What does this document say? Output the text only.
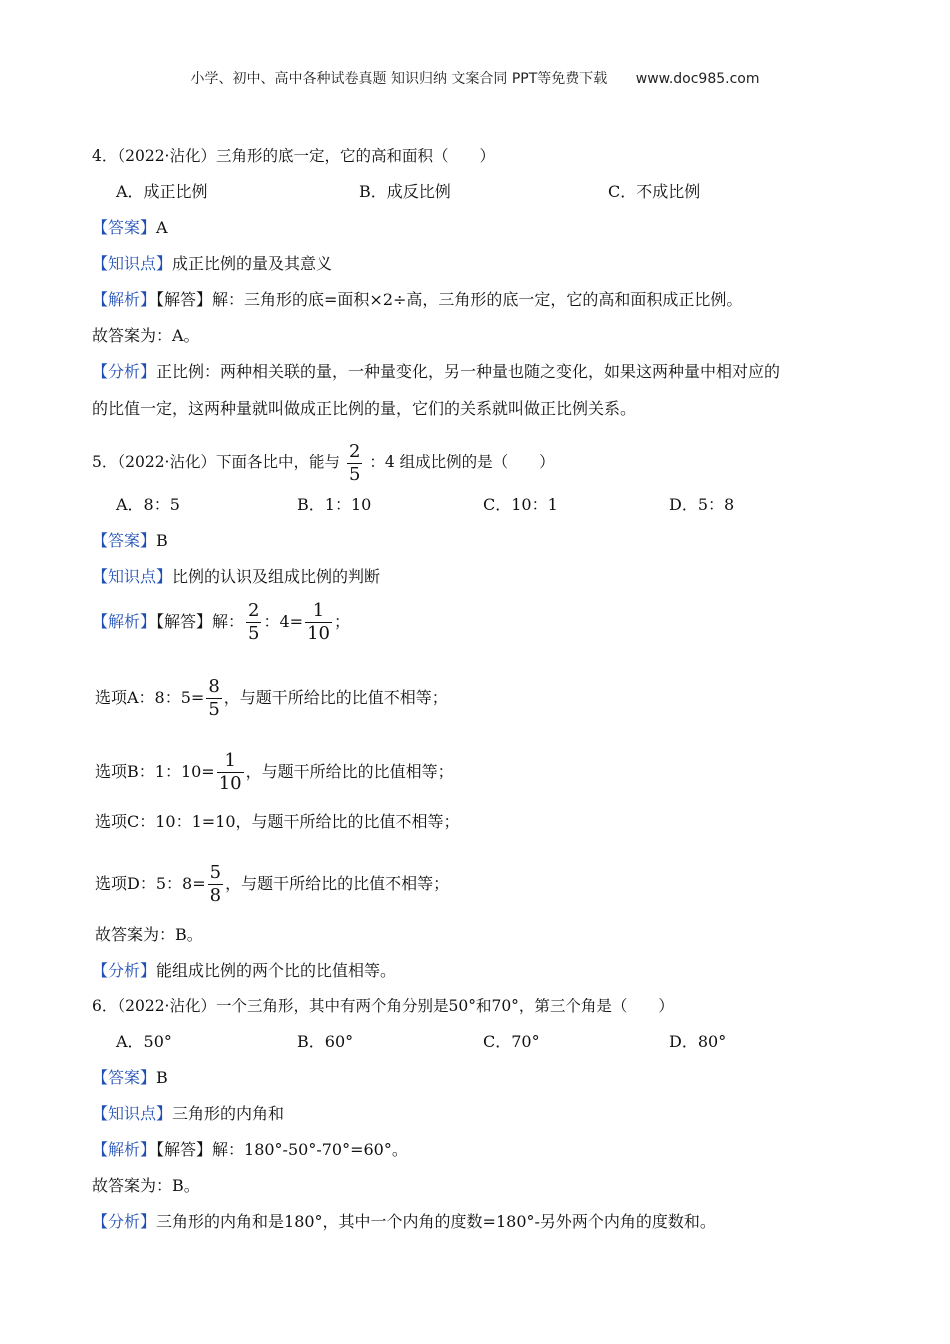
小学、初中、高中各种试卷真题 知识归纳 文案合同 PPT等免费下载 www.doc985.com
4．（2022·沾化）三角形的底一定，它的高和面积（　　）
A．成正比例	B．成反比例	C．不成比例
【答案】A
【知识点】成正比例的量及其意义
【解析】【解答】解：三角形的底=面积×2÷高，三角形的底一定，它的高和面积成正比例。
故答案为：A。
【分析】正比例：两种相关联的量，一种量变化，另一种量也随之变化，如果这两种量中相对应的
的比值一定，这两种量就叫做成正比例的量，它们的关系就叫做正比例关系。
5．（2022·沾化）下面各比中，能与 $\frac{2}{5}$ ：4 组成比例的是（　　）
A．8：5	B．1：10	C．10：1	D．5：8
【答案】B
【知识点】比例的认识及组成比例的判断
【解析】【解答】解： $\frac{2}{5}$ ：$4= \frac{1}{10}$ ；
选项A：8：$5= \frac{8}{5}$ ，与题干所给比的比值不相等；
选项B：1：$10= \frac{1}{10}$ ，与题干所给比的比值相等；
选项C：10：1=10，与题干所给比的比值不相等；
选项D：5：$8= \frac{5}{8}$ ，与题干所给比的比值不相等；
故答案为：B。
【分析】能组成比例的两个比的比值相等。
6．（2022·沾化）一个三角形，其中有两个角分别是50°和70°，第三个角是（　　）
A．50°	B．60°	C．70°	D．80°
【答案】B
【知识点】三角形的内角和
【解析】【解答】解：180°-50°-70°=60°。
故答案为：B。
【分析】三角形的内角和是180°，其中一个内角的度数=180°-另外两个内角的度数和。
